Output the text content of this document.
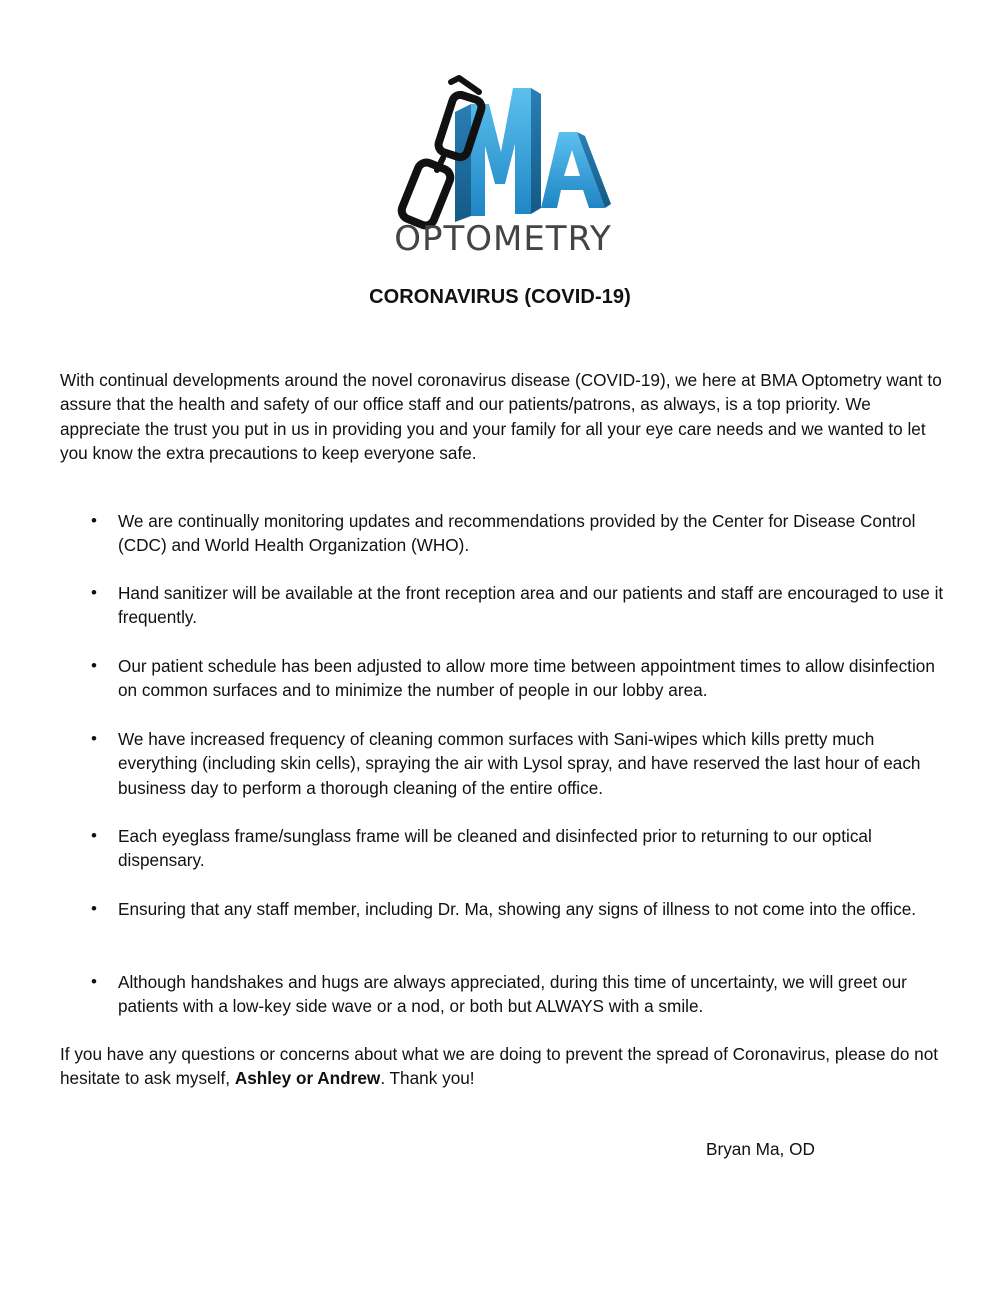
OPTOMETRY
CORONAVIRUS (COVID-19)

With continual developments around the novel coronavirus disease (COVID-19), we here at BMA Optometry want to assure that the health and safety of our office staff and our patients/patrons, as always, is a top priority. We appreciate the trust you put in us in providing you and your family for all your eye care needs and we wanted to let you know the extra precautions to keep everyone safe.

• We are continually monitoring updates and recommendations provided by the Center for Disease Control (CDC) and World Health Organization (WHO).

• Hand sanitizer will be available at the front reception area and our patients and staff are encouraged to use it frequently.

• Our patient schedule has been adjusted to allow more time between appointment times to allow disinfection on common surfaces and to minimize the number of people in our lobby area.

• We have increased frequency of cleaning common surfaces with Sani-wipes which kills pretty much everything (including skin cells), spraying the air with Lysol spray, and have reserved the last hour of each business day to perform a thorough cleaning of the entire office.

• Each eyeglass frame/sunglass frame will be cleaned and disinfected prior to returning to our optical dispensary.

• Ensuring that any staff member, including Dr. Ma, showing any signs of illness to not come into the office.

• Although handshakes and hugs are always appreciated, during this time of uncertainty, we will greet our patients with a low-key side wave or a nod, or both but ALWAYS with a smile.

If you have any questions or concerns about what we are doing to prevent the spread of Coronavirus, please do not hesitate to ask myself, Ashley or Andrew. Thank you!

Bryan Ma, OD
